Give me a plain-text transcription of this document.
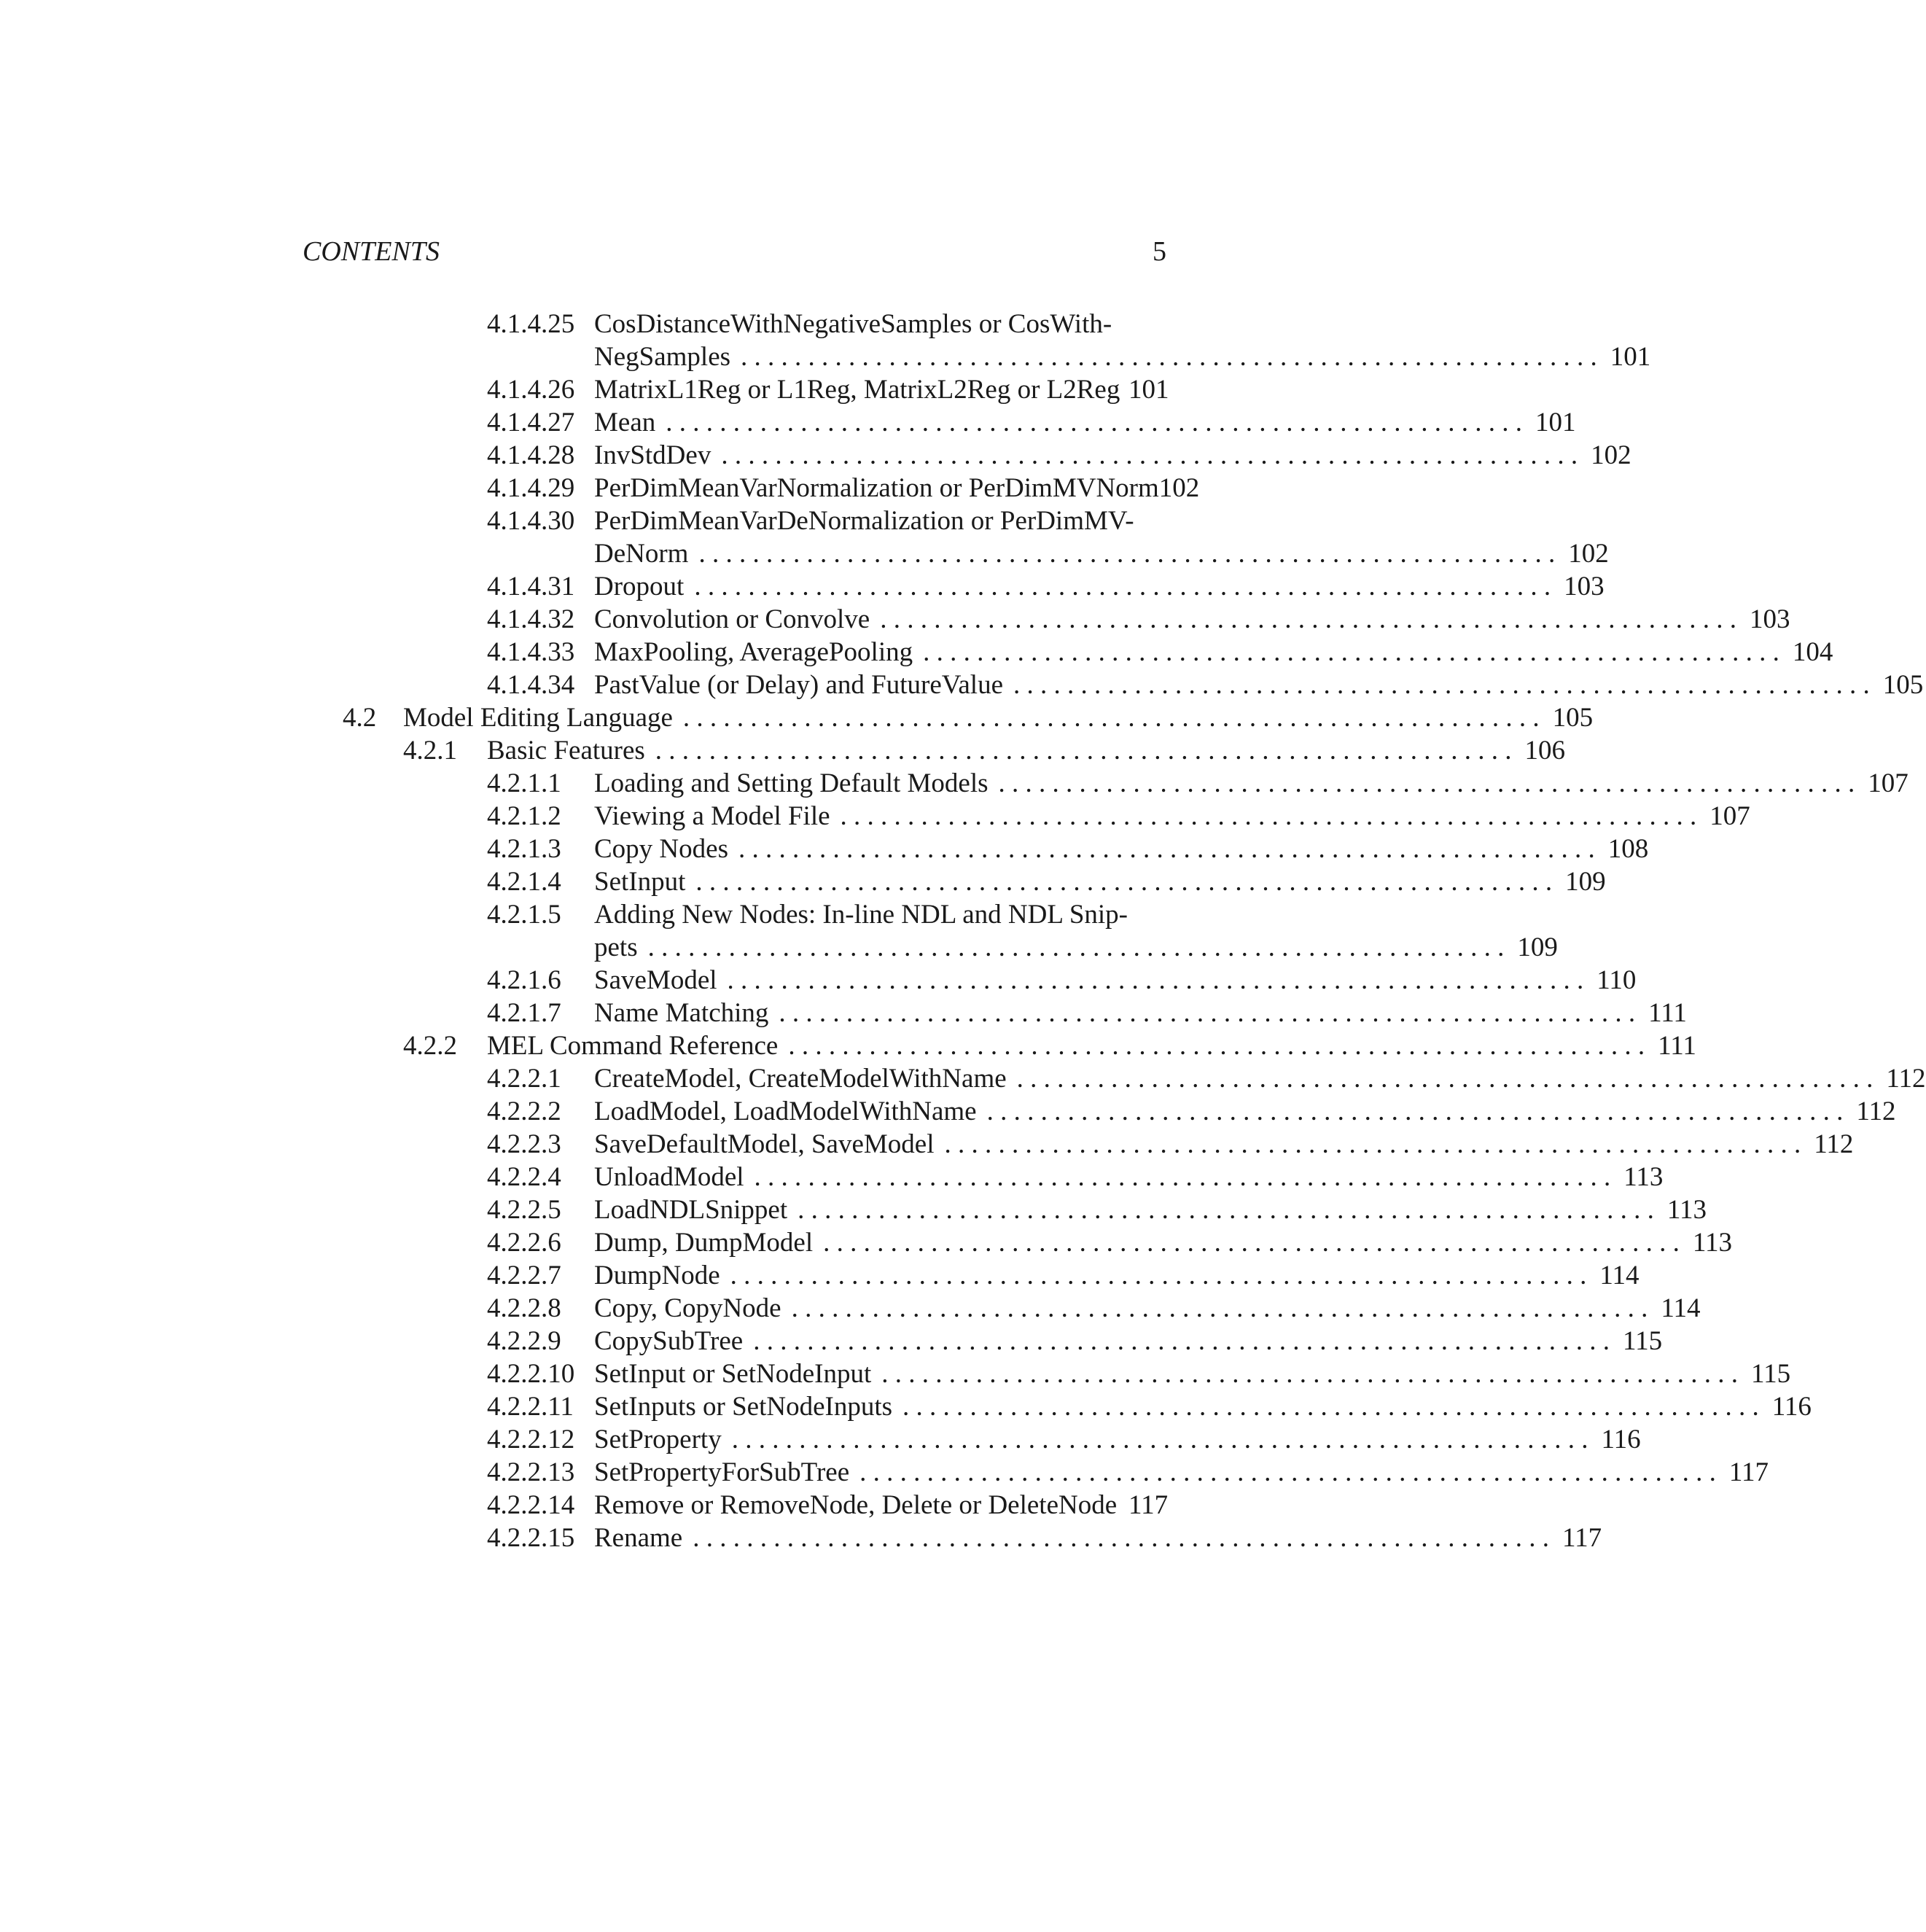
CONTENTS	5
4.1.4.25 CosDistanceWithNegativeSamples or CosWith-
NegSamples . . . . . . . . . . . . . . . . . . . . . . . . . . . . . . . . . . . . . . . . . . . . . . . . . . . . . . . . . . . . . . . . 101
4.1.4.26 MatrixL1Reg or L1Reg, MatrixL2Reg or L2Reg 101
4.1.4.27 Mean . . . . . . . . . . . . . . . . . . . . . . . . . . . . . . . . . . . . . . . . . . . . . . . . . . . . . . . . . . . . . . . . 101
4.1.4.28 InvStdDev . . . . . . . . . . . . . . . . . . . . . . . . . . . . . . . . . . . . . . . . . . . . . . . . . . . . . . . . . . . . . . . . 102
4.1.4.29 PerDimMeanVarNormalization or PerDimMVNorm 102
4.1.4.30 PerDimMeanVarDeNormalization or PerDimMV-
DeNorm . . . . . . . . . . . . . . . . . . . . . . . . . . . . . . . . . . . . . . . . . . . . . . . . . . . . . . . . . . . . . . . . 102
4.1.4.31 Dropout . . . . . . . . . . . . . . . . . . . . . . . . . . . . . . . . . . . . . . . . . . . . . . . . . . . . . . . . . . . . . . . . 103
4.1.4.32 Convolution or Convolve . . . . . . . . . . . . . . . . . . . . . . . . . . . . . . . . . . . . . . . . . . . . . . . . . . . . . . . . . . . . . . . . 103
4.1.4.33 MaxPooling, AveragePooling . . . . . . . . . . . . . . . . . . . . . . . . . . . . . . . . . . . . . . . . . . . . . . . . . . . . . . . . . . . . . . . . 104
4.1.4.34 PastValue (or Delay) and FutureValue . . . . . . . . . . . . . . . . . . . . . . . . . . . . . . . . . . . . . . . . . . . . . . . . . . . . . . . . . . . . . . . . 105
4.2 Model Editing Language . . . . . . . . . . . . . . . . . . . . . . . . . . . . . . . . . . . . . . . . . . . . . . . . . . . . . . . . . . . . . . . . 105
4.2.1 Basic Features . . . . . . . . . . . . . . . . . . . . . . . . . . . . . . . . . . . . . . . . . . . . . . . . . . . . . . . . . . . . . . . . 106
4.2.1.1 Loading and Setting Default Models . . . . . . . . . . . . . . . . . . . . . . . . . . . . . . . . . . . . . . . . . . . . . . . . . . . . . . . . . . . . . . . . 107
4.2.1.2 Viewing a Model File . . . . . . . . . . . . . . . . . . . . . . . . . . . . . . . . . . . . . . . . . . . . . . . . . . . . . . . . . . . . . . . . 107
4.2.1.3 Copy Nodes . . . . . . . . . . . . . . . . . . . . . . . . . . . . . . . . . . . . . . . . . . . . . . . . . . . . . . . . . . . . . . . . 108
4.2.1.4 SetInput . . . . . . . . . . . . . . . . . . . . . . . . . . . . . . . . . . . . . . . . . . . . . . . . . . . . . . . . . . . . . . . . 109
4.2.1.5 Adding New Nodes: In-line NDL and NDL Snip-
pets . . . . . . . . . . . . . . . . . . . . . . . . . . . . . . . . . . . . . . . . . . . . . . . . . . . . . . . . . . . . . . . . 109
4.2.1.6 SaveModel . . . . . . . . . . . . . . . . . . . . . . . . . . . . . . . . . . . . . . . . . . . . . . . . . . . . . . . . . . . . . . . . 110
4.2.1.7 Name Matching . . . . . . . . . . . . . . . . . . . . . . . . . . . . . . . . . . . . . . . . . . . . . . . . . . . . . . . . . . . . . . . . 111
4.2.2 MEL Command Reference . . . . . . . . . . . . . . . . . . . . . . . . . . . . . . . . . . . . . . . . . . . . . . . . . . . . . . . . . . . . . . . . 111
4.2.2.1 CreateModel, CreateModelWithName . . . . . . . . . . . . . . . . . . . . . . . . . . . . . . . . . . . . . . . . . . . . . . . . . . . . . . . . . . . . . . . . 112
4.2.2.2 LoadModel, LoadModelWithName . . . . . . . . . . . . . . . . . . . . . . . . . . . . . . . . . . . . . . . . . . . . . . . . . . . . . . . . . . . . . . . . 112
4.2.2.3 SaveDefaultModel, SaveModel . . . . . . . . . . . . . . . . . . . . . . . . . . . . . . . . . . . . . . . . . . . . . . . . . . . . . . . . . . . . . . . . 112
4.2.2.4 UnloadModel . . . . . . . . . . . . . . . . . . . . . . . . . . . . . . . . . . . . . . . . . . . . . . . . . . . . . . . . . . . . . . . . 113
4.2.2.5 LoadNDLSnippet . . . . . . . . . . . . . . . . . . . . . . . . . . . . . . . . . . . . . . . . . . . . . . . . . . . . . . . . . . . . . . . . 113
4.2.2.6 Dump, DumpModel . . . . . . . . . . . . . . . . . . . . . . . . . . . . . . . . . . . . . . . . . . . . . . . . . . . . . . . . . . . . . . . . 113
4.2.2.7 DumpNode . . . . . . . . . . . . . . . . . . . . . . . . . . . . . . . . . . . . . . . . . . . . . . . . . . . . . . . . . . . . . . . . 114
4.2.2.8 Copy, CopyNode . . . . . . . . . . . . . . . . . . . . . . . . . . . . . . . . . . . . . . . . . . . . . . . . . . . . . . . . . . . . . . . . 114
4.2.2.9 CopySubTree . . . . . . . . . . . . . . . . . . . . . . . . . . . . . . . . . . . . . . . . . . . . . . . . . . . . . . . . . . . . . . . . 115
4.2.2.10 SetInput or SetNodeInput . . . . . . . . . . . . . . . . . . . . . . . . . . . . . . . . . . . . . . . . . . . . . . . . . . . . . . . . . . . . . . . . 115
4.2.2.11 SetInputs or SetNodeInputs . . . . . . . . . . . . . . . . . . . . . . . . . . . . . . . . . . . . . . . . . . . . . . . . . . . . . . . . . . . . . . . . 116
4.2.2.12 SetProperty . . . . . . . . . . . . . . . . . . . . . . . . . . . . . . . . . . . . . . . . . . . . . . . . . . . . . . . . . . . . . . . . 116
4.2.2.13 SetPropertyForSubTree . . . . . . . . . . . . . . . . . . . . . . . . . . . . . . . . . . . . . . . . . . . . . . . . . . . . . . . . . . . . . . . . 117
4.2.2.14 Remove or RemoveNode, Delete or DeleteNode 117
4.2.2.15 Rename . . . . . . . . . . . . . . . . . . . . . . . . . . . . . . . . . . . . . . . . . . . . . . . . . . . . . . . . . . . . . . . . 117
